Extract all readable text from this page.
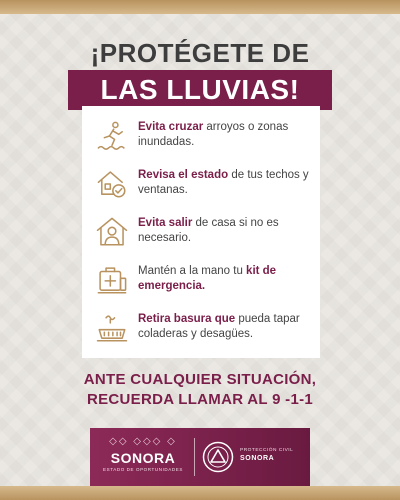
¡PROTÉGETE DE
LAS LLUVIAS!
Evita cruzar arroyos o zonas inundadas.
Revisa el estado de tus techos y ventanas.
Evita salir de casa si no es necesario.
Mantén a la mano tu kit de emergencia.
Retira basura que pueda tapar coladeras y desagües.
ANTE CUALQUIER SITUACIÓN,
RECUERDA LLAMAR AL 9 -1-1
◇◇ ◇◇◇ ◇
SONORA
ESTADO DE OPORTUNIDADES
PROTECCIÓN CIVIL
SONORA
